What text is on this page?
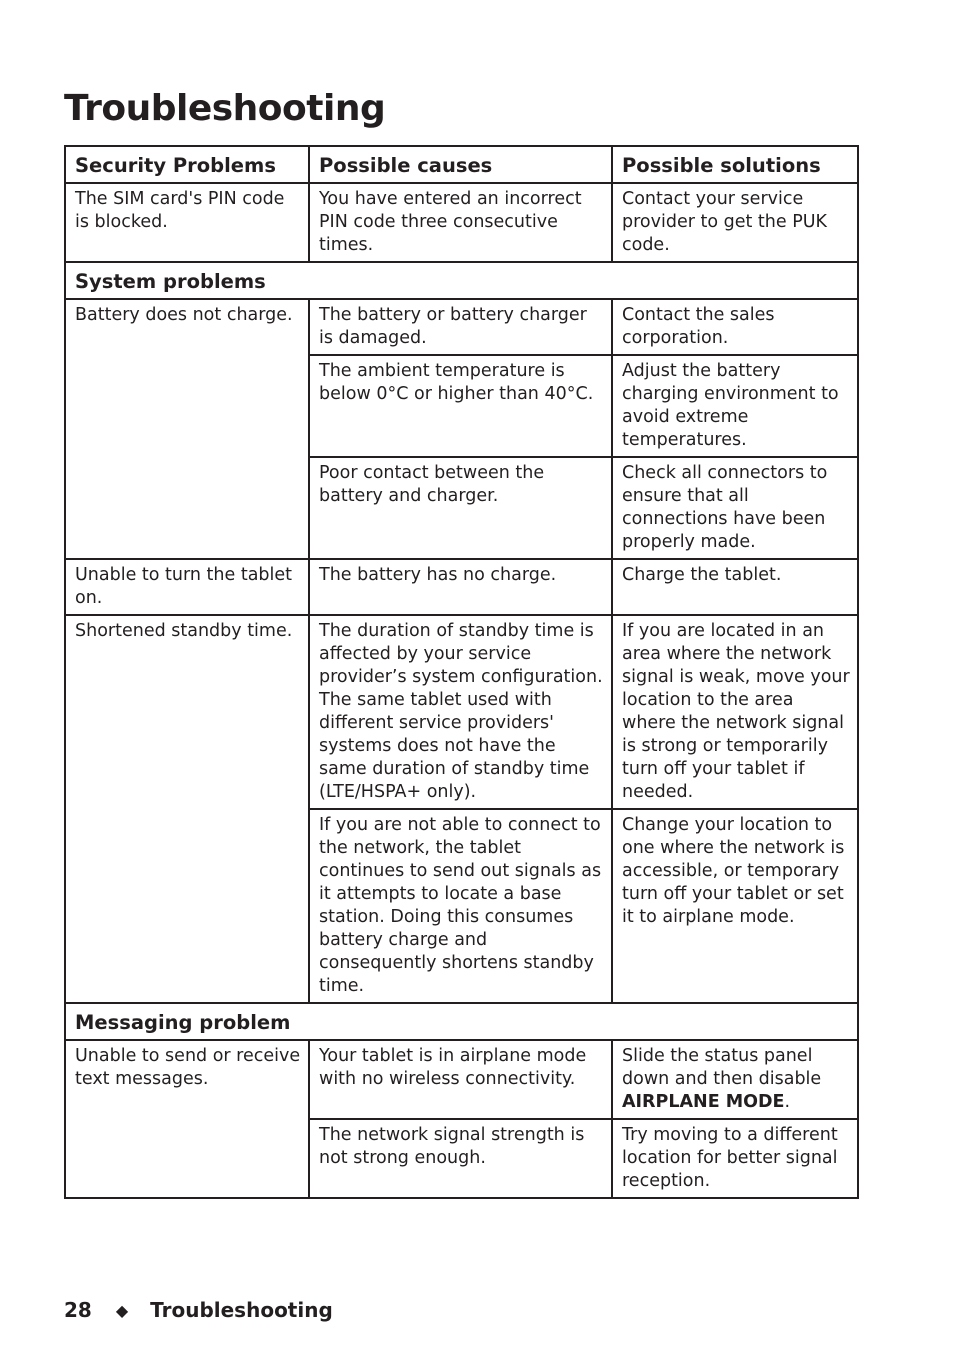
Troubleshooting
Security Problems	Possible causes	Possible solutions
The SIM card's PIN code is blocked.	You have entered an incorrect PIN code three consecutive times.	Contact your service provider to get the PUK code.
System problems		
Battery does not charge.	The battery or battery charger is damaged.	Contact the sales corporation.
	The ambient temperature is below 0°C or higher than 40°C.	Adjust the battery charging environment to avoid extreme temperatures.
	Poor contact between the battery and charger.	Check all connectors to ensure that all connections have been properly made.
Unable to turn the tablet on.	The battery has no charge.	Charge the tablet.
Shortened standby time.	The duration of standby time is affected by your service provider’s system configuration. The same tablet used with different service providers' systems does not have the same duration of standby time (LTE/HSPA+ only).	If you are located in an area where the network signal is weak, move your location to the area where the network signal is strong or temporarily turn off your tablet if needed.
	If you are not able to connect to the network, the tablet continues to send out signals as it attempts to locate a base station. Doing this consumes battery charge and consequently shortens standby time.	Change your location to one where the network is accessible, or temporary turn off your tablet or set it to airplane mode.
Messaging problem		
Unable to send or receive text messages.	Your tablet is in airplane mode with no wireless connectivity.	Slide the status panel down and then disable AIRPLANE MODE.
	The network signal strength is not strong enough.	Try moving to a different location for better signal reception.
28 ◆ Troubleshooting
